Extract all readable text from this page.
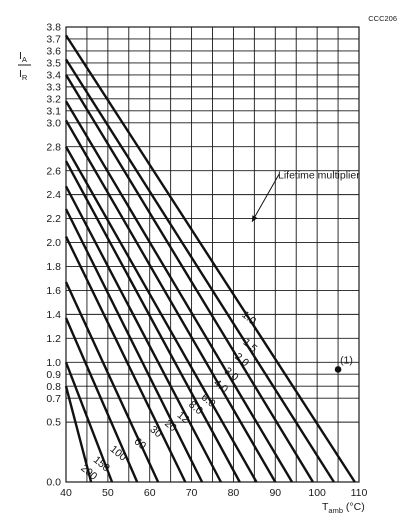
CCC206
1.0
1.5
2.0
3.0
4.0
6.0
8.0
12
20
30
60
100
150
200
40	50	60	70	80	90	100 110
0.0
0.5
0.7
0.8
0.9
1.0
1.2
1.4
1.6
1.8
2.0
2.2
2.4
2.6
2.8
3.0
3.1
3.2
3.3
3.4
3.5
3.6
3.7
3.8
$I_A$
$I_R$
$T_{amb}$ (°C)
Lifetime multiplier
(1)
